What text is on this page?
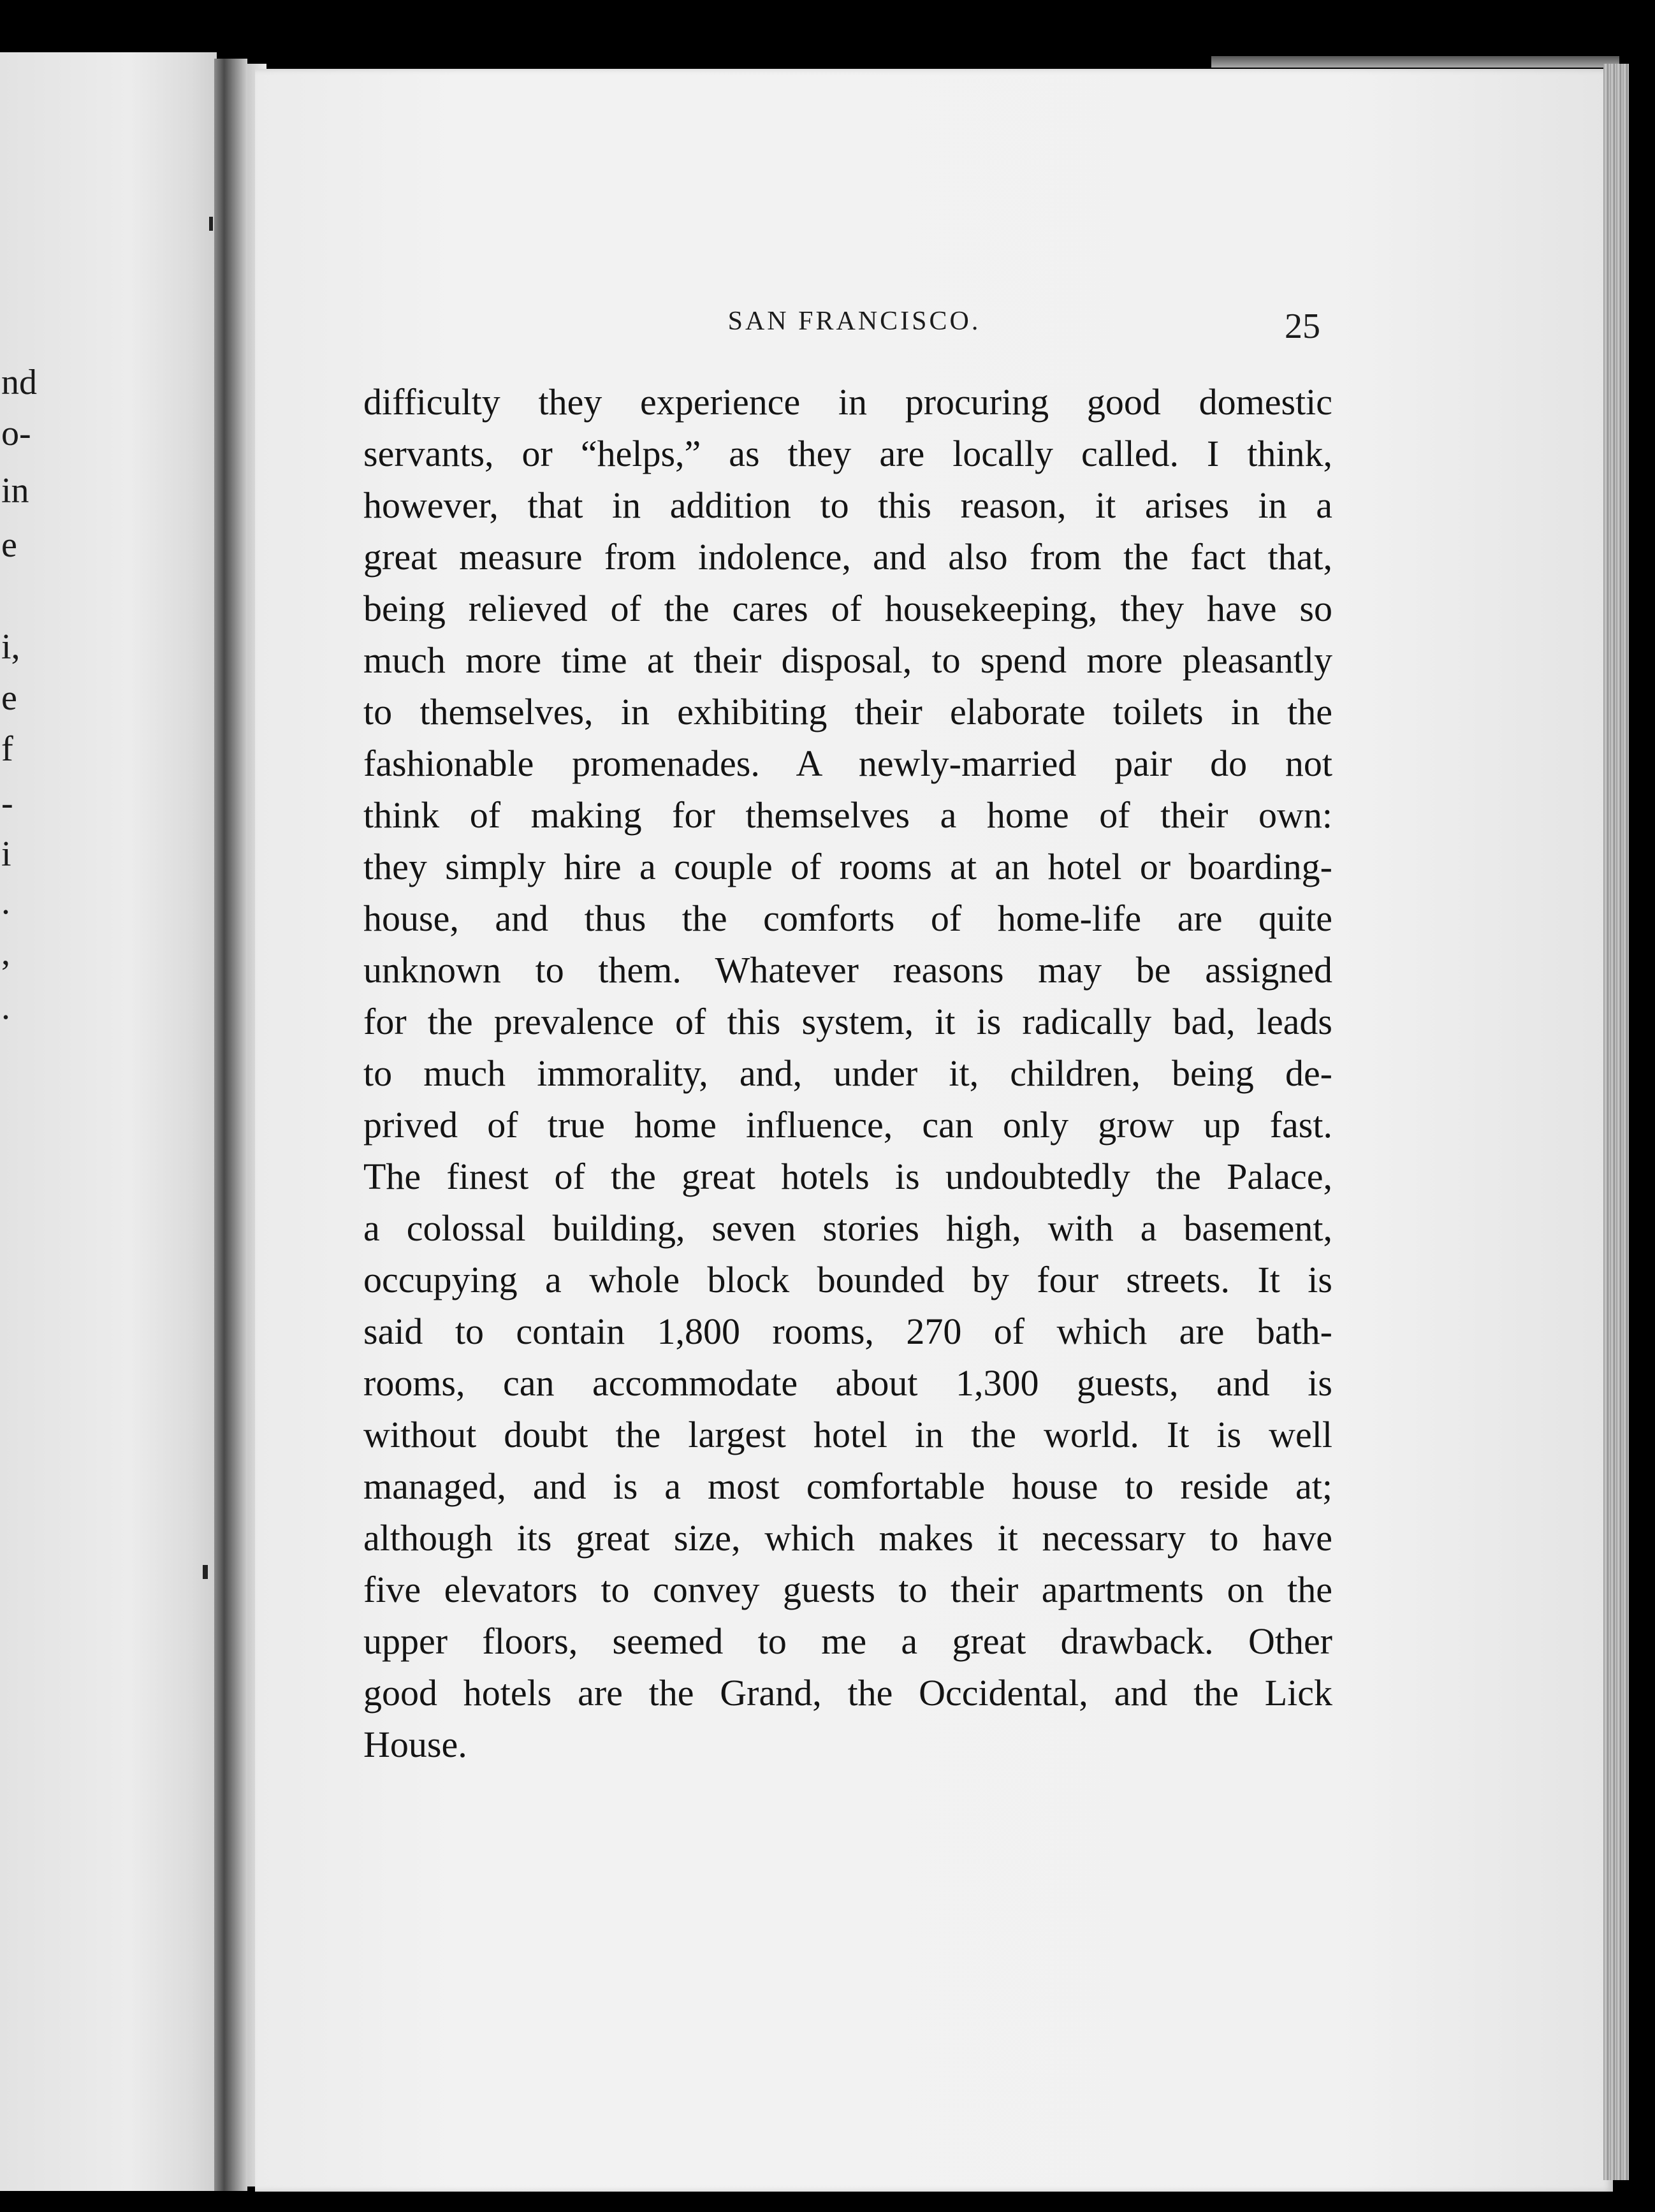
nd
o-
in
e
i,
e
f
-
i
.
,
.
SAN FRANCISCO.	25
difficulty they experience in procuring good domestic
servants, or “helps,” as they are locally called. I think,
however, that in addition to this reason, it arises in a
great measure from indolence, and also from the fact that,
being relieved of the cares of housekeeping, they have so
much more time at their disposal, to spend more pleasantly
to themselves, in exhibiting their elaborate toilets in the
fashionable promenades. A newly-married pair do not
think of making for themselves a home of their own:
they simply hire a couple of rooms at an hotel or boarding-
house, and thus the comforts of home-life are quite
unknown to them. Whatever reasons may be assigned
for the prevalence of this system, it is radically bad, leads
to much immorality, and, under it, children, being de-
prived of true home influence, can only grow up fast.
The finest of the great hotels is undoubtedly the Palace,
a colossal building, seven stories high, with a basement,
occupying a whole block bounded by four streets. It is
said to contain 1,800 rooms, 270 of which are bath-
rooms, can accommodate about 1,300 guests, and is
without doubt the largest hotel in the world. It is well
managed, and is a most comfortable house to reside at;
although its great size, which makes it necessary to have
five elevators to convey guests to their apartments on the
upper floors, seemed to me a great drawback. Other
good hotels are the Grand, the Occidental, and the Lick
House.
